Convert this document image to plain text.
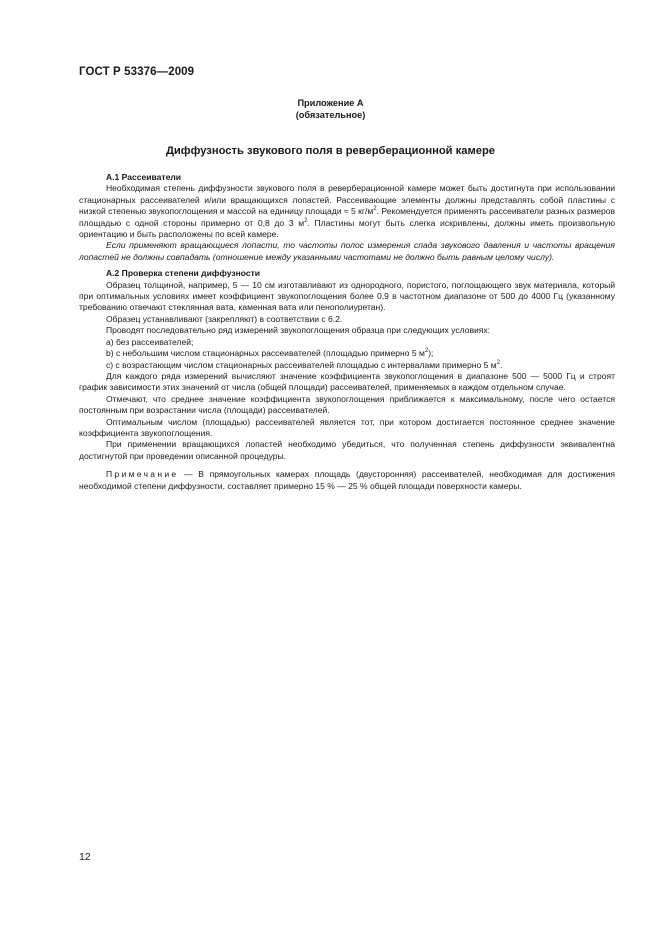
ГОСТ Р 53376—2009
Приложение А
(обязательное)
Диффузность звукового поля в реверберационной камере
А.1 Рассеиватели

Необходимая степень диффузности звукового поля в реверберационной камере может быть достигнута при использовании стационарных рассеивателей и/или вращающихся лопастей. Рассеивающие элементы должны представлять собой пластины с низкой степенью звукопоглощения и массой на единицу площади ≈ 5 $кг/м^2$. Рекомендуется применять рассеиватели разных размеров площадью с одной стороны примерно от 0,8 до 3 $м^2$. Пластины могут быть слегка искривлены, должны иметь произвольную ориентацию и быть расположены по всей камере.

Если применяют вращающиеся лопасти, то частоты полос измерения спада звукового давления и частоты вращения лопастей не должны совпадать (отношение между указанными частотами не должно быть равным целому числу).

А.2 Проверка степени диффузности

Образец толщиной, например, 5 — 10 см изготавливают из однородного, пористого, поглощающего звук материала, который при оптимальных условиях имеет коэффициент звукопоглощения более 0,9 в частотном диапазоне от 500 до 4000 Гц (указанному требованию отвечают стеклянная вата, каменная вата или пенополиуретан).

Образец устанавливают (закрепляют) в соответствии с 6.2.

Проводят последовательно ряд измерений звукопоглощения образца при следующих условиях:

a) без рассеивателей;

b) с небольшим числом стационарных рассеивателей (площадью примерно 5 $м^2$);

c) с возрастающим числом стационарных рассеивателей площадью с интервалами примерно 5 $м^2$.

Для каждого ряда измерений вычисляют значение коэффициента звукопоглощения в диапазоне 500 — 5000 Гц и строят график зависимости этих значений от числа (общей площади) рассеивателей, применяемых в каждом отдельном случае.

Отмечают, что среднее значение коэффициента звукопоглощения приближается к максимальному, после чего остается постоянным при возрастании числа (площади) рассеивателей.

Оптимальным числом (площадью) рассеивателей является тот, при котором достигается постоянное среднее значение коэффициента звукопоглощения.

При применении вращающихся лопастей необходимо убедиться, что полученная степень диффузности эквивалентна достигнутой при проведении описанной процедуры.

Примечание — В прямоугольных камерах площадь (двусторонняя) рассеивателей, необходимая для достижения необходимой степени диффузности, составляет примерно 15 % — 25 % общей площади поверхности камеры.

12
